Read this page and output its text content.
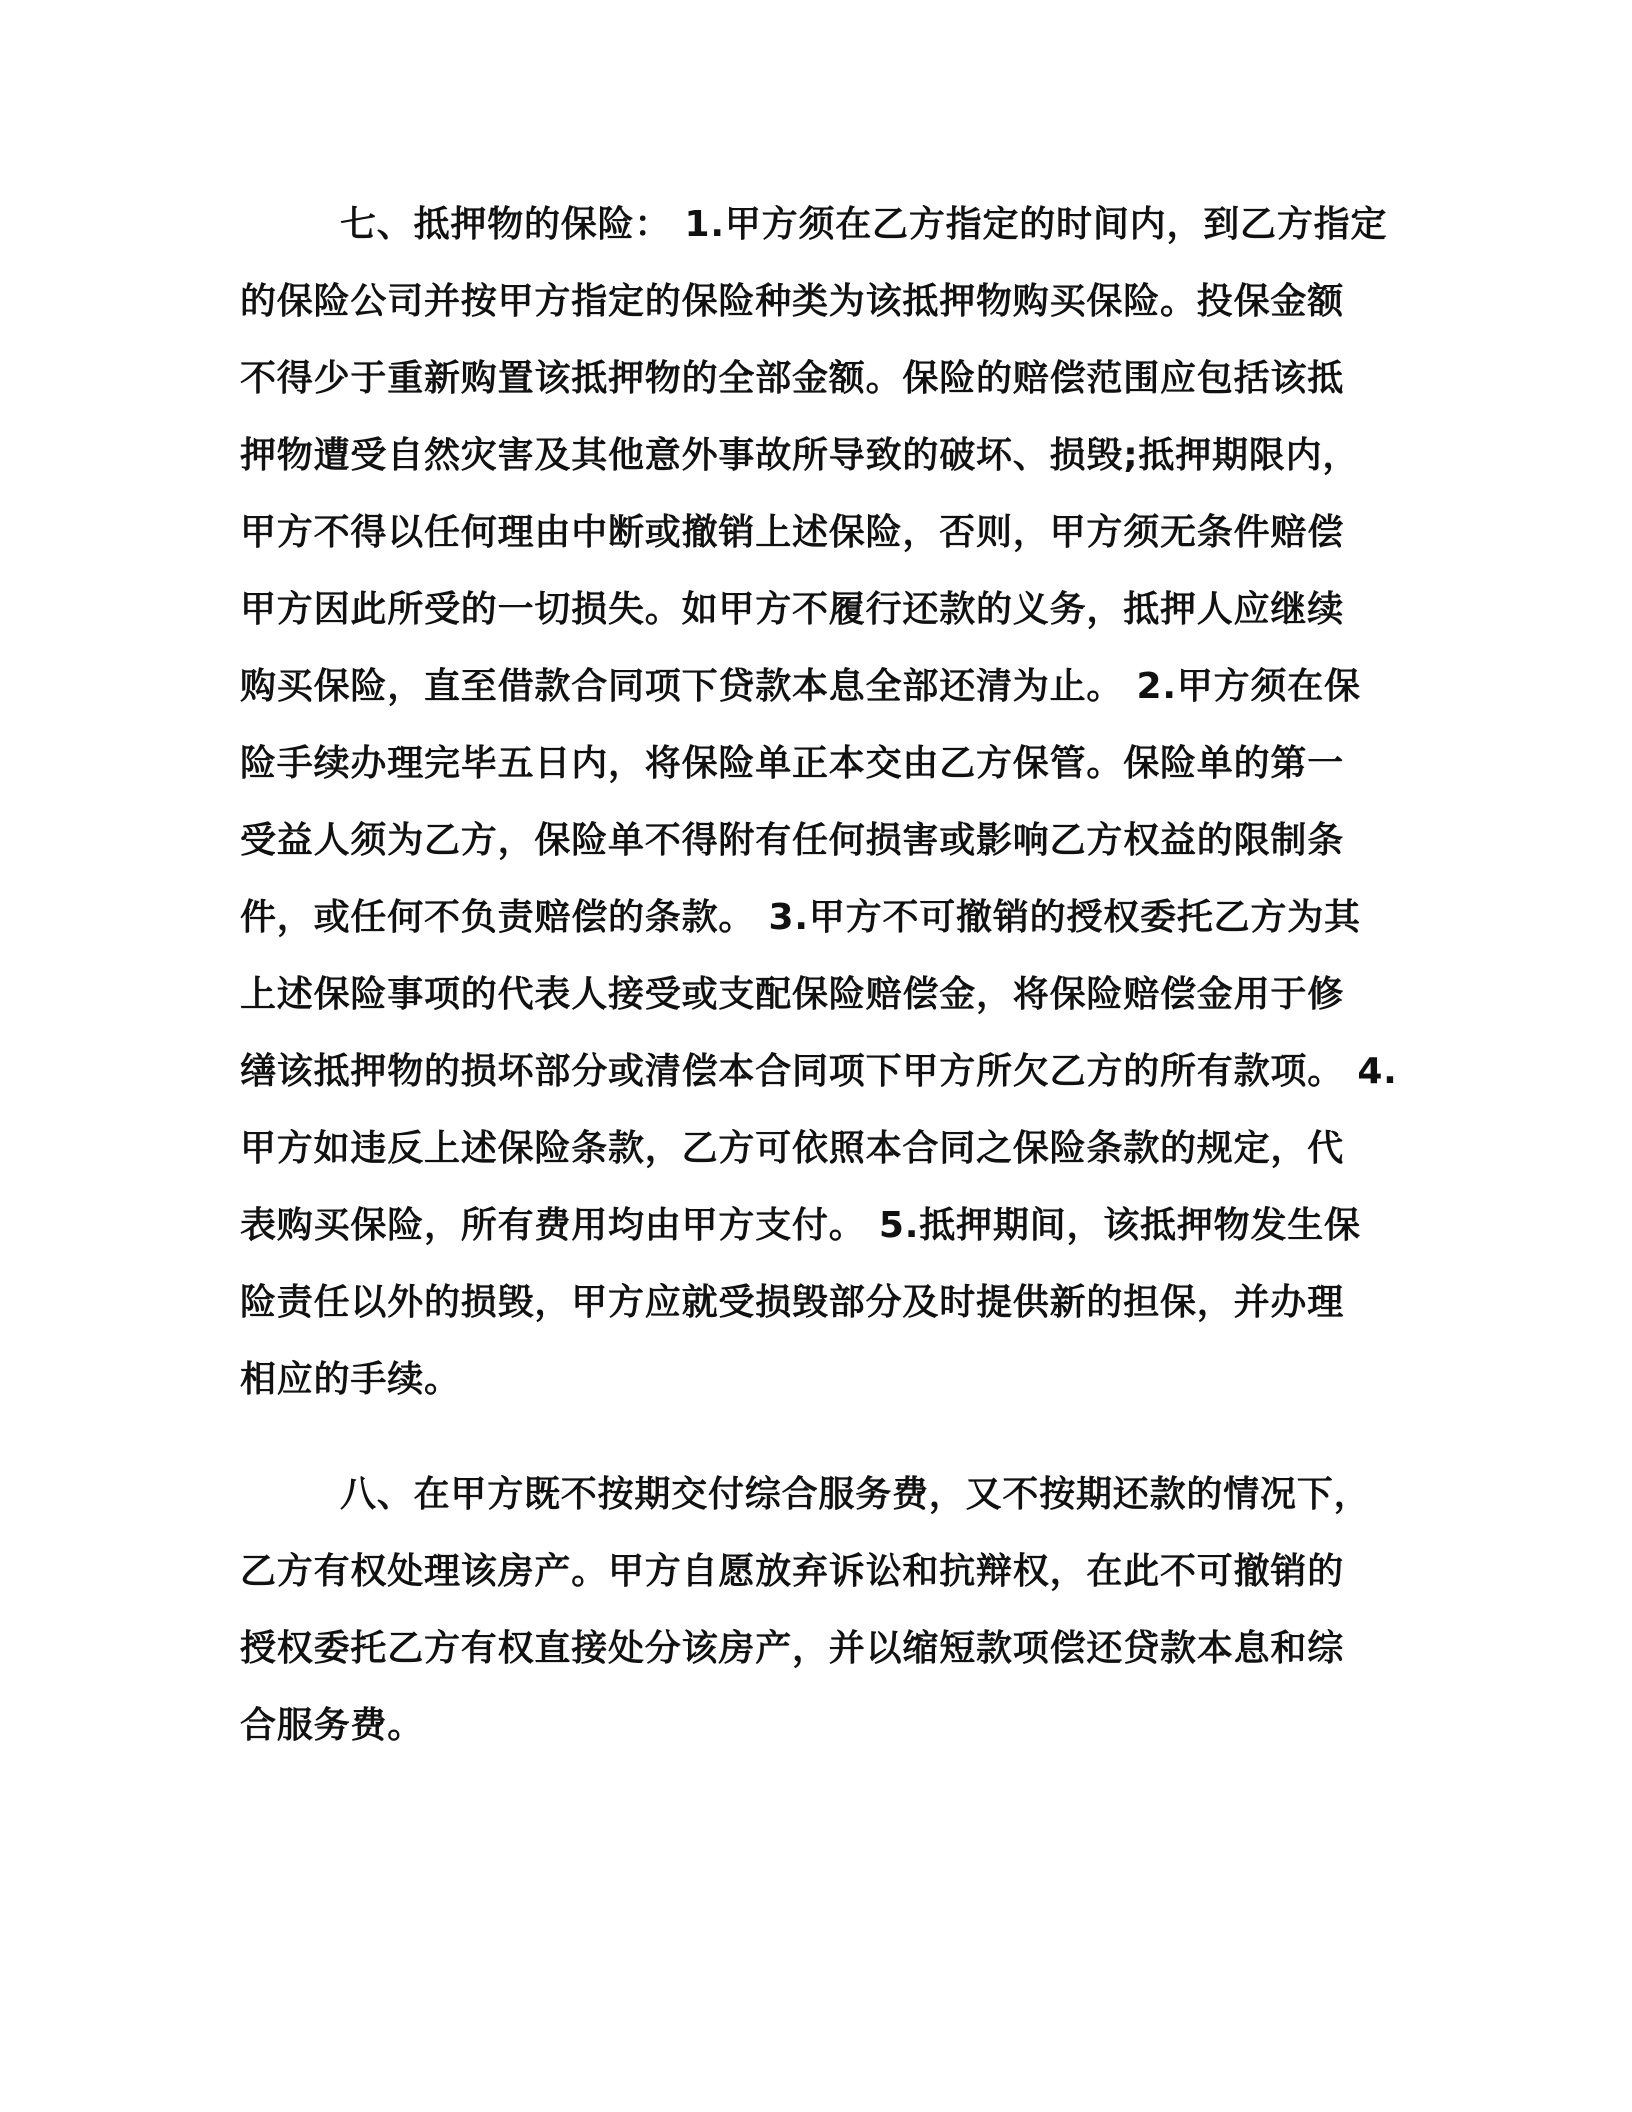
七、抵押物的保险： 1.甲方须在乙方指定的时间内，到乙方指定
的保险公司并按甲方指定的保险种类为该抵押物购买保险。投保金额
不得少于重新购置该抵押物的全部金额。保险的赔偿范围应包括该抵
押物遭受自然灾害及其他意外事故所导致的破坏、损毁;抵押期限内，
甲方不得以任何理由中断或撤销上述保险，否则，甲方须无条件赔偿
甲方因此所受的一切损失。如甲方不履行还款的义务，抵押人应继续
购买保险，直至借款合同项下贷款本息全部还清为止。 2.甲方须在保
险手续办理完毕五日内，将保险单正本交由乙方保管。保险单的第一
受益人须为乙方，保险单不得附有任何损害或影响乙方权益的限制条
件，或任何不负责赔偿的条款。 3.甲方不可撤销的授权委托乙方为其
上述保险事项的代表人接受或支配保险赔偿金，将保险赔偿金用于修
缮该抵押物的损坏部分或清偿本合同项下甲方所欠乙方的所有款项。 4.
甲方如违反上述保险条款，乙方可依照本合同之保险条款的规定，代
表购买保险，所有费用均由甲方支付。 5.抵押期间，该抵押物发生保
险责任以外的损毁，甲方应就受损毁部分及时提供新的担保，并办理
相应的手续。
八、在甲方既不按期交付综合服务费，又不按期还款的情况下，
乙方有权处理该房产。甲方自愿放弃诉讼和抗辩权，在此不可撤销的
授权委托乙方有权直接处分该房产，并以缩短款项偿还贷款本息和综
合服务费。
